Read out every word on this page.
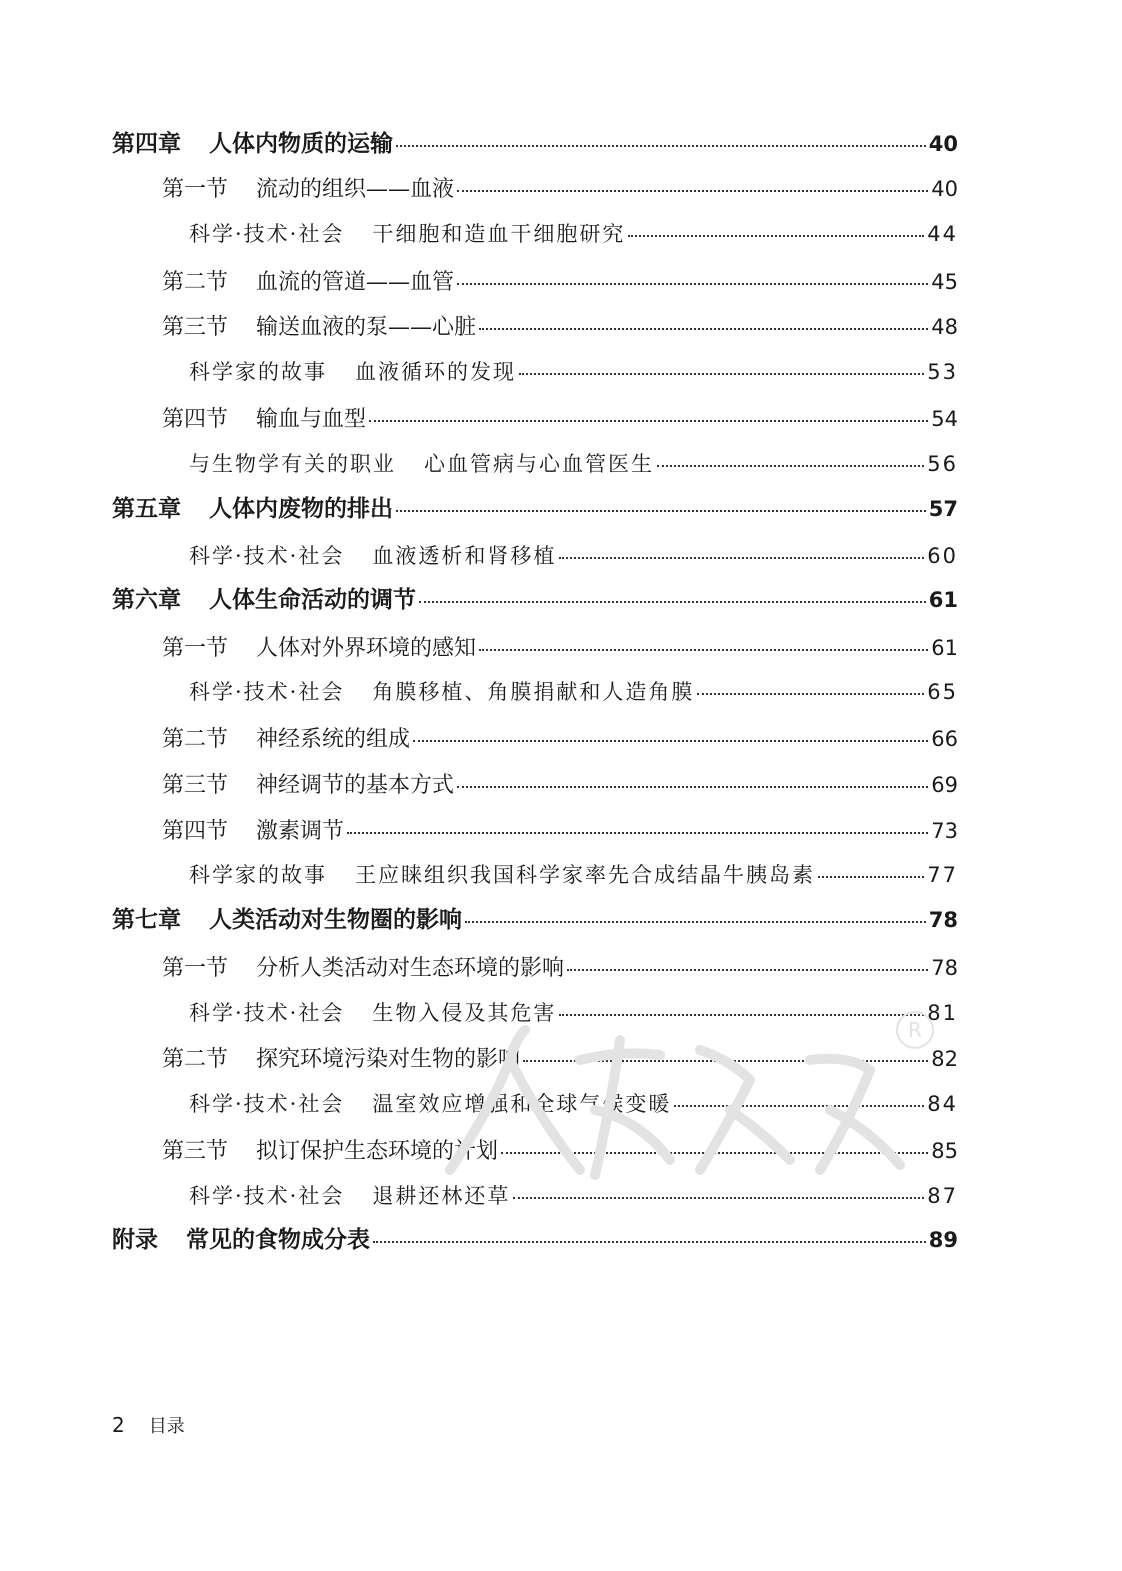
第四章 人体内物质的运输	40
第一节 流动的组织——血液	40
科学·技术·社会 干细胞和造血干细胞研究	44
第二节 血流的管道——血管	45
第三节 输送血液的泵——心脏	48
科学家的故事 血液循环的发现	53
第四节 输血与血型	54
与生物学有关的职业 心血管病与心血管医生	56
第五章 人体内废物的排出	57
科学·技术·社会 血液透析和肾移植	60
第六章 人体生命活动的调节	61
第一节 人体对外界环境的感知	61
科学·技术·社会 角膜移植、角膜捐献和人造角膜	65
第二节 神经系统的组成	66
第三节 神经调节的基本方式	69
第四节 激素调节	73
科学家的故事 王应睐组织我国科学家率先合成结晶牛胰岛素	77
第七章 人类活动对生物圈的影响	78
第一节 分析人类活动对生态环境的影响	78
科学·技术·社会 生物入侵及其危害	81
第二节 探究环境污染对生物的影响	82
科学·技术·社会 温室效应增强和全球气候变暖	84
第三节 拟订保护生态环境的计划	85
科学·技术·社会 退耕还林还草	87
附录 常见的食物成分表	89
R
2 目录
